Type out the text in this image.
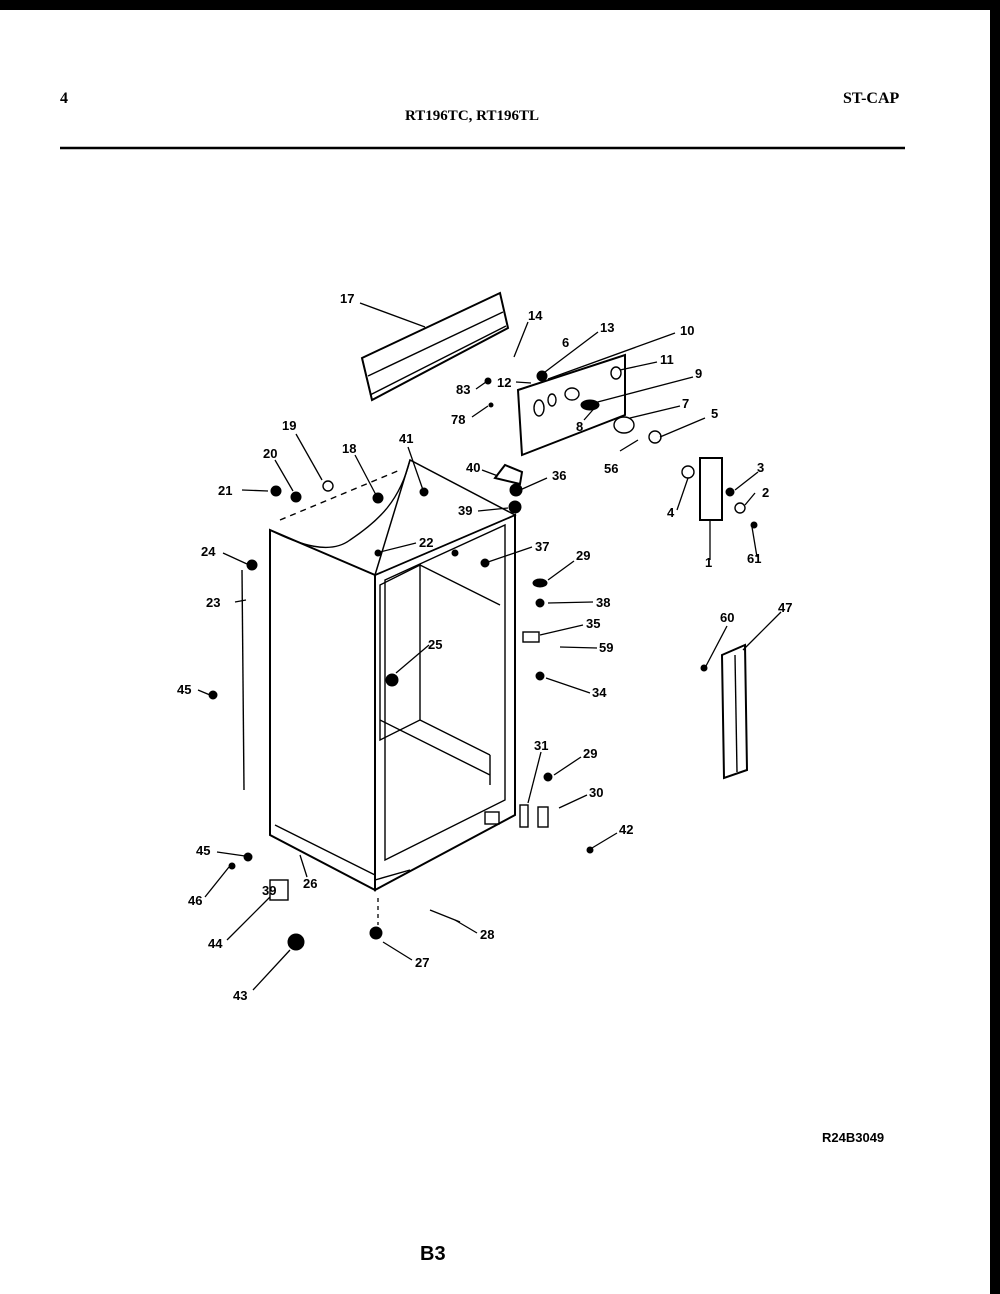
4
RT196TC, RT196TL
ST-CAP
17
14
13	10
6
11
9
12
83
78
7
5
8
56
19
18
41
40
36
39
20
21
22	37
24
23
45
25
29
38
35
59
34
31
29
30
42
3
2
4
1	61
47
60
45
46
26
39
44
43
27
28
R24B3049
B3
